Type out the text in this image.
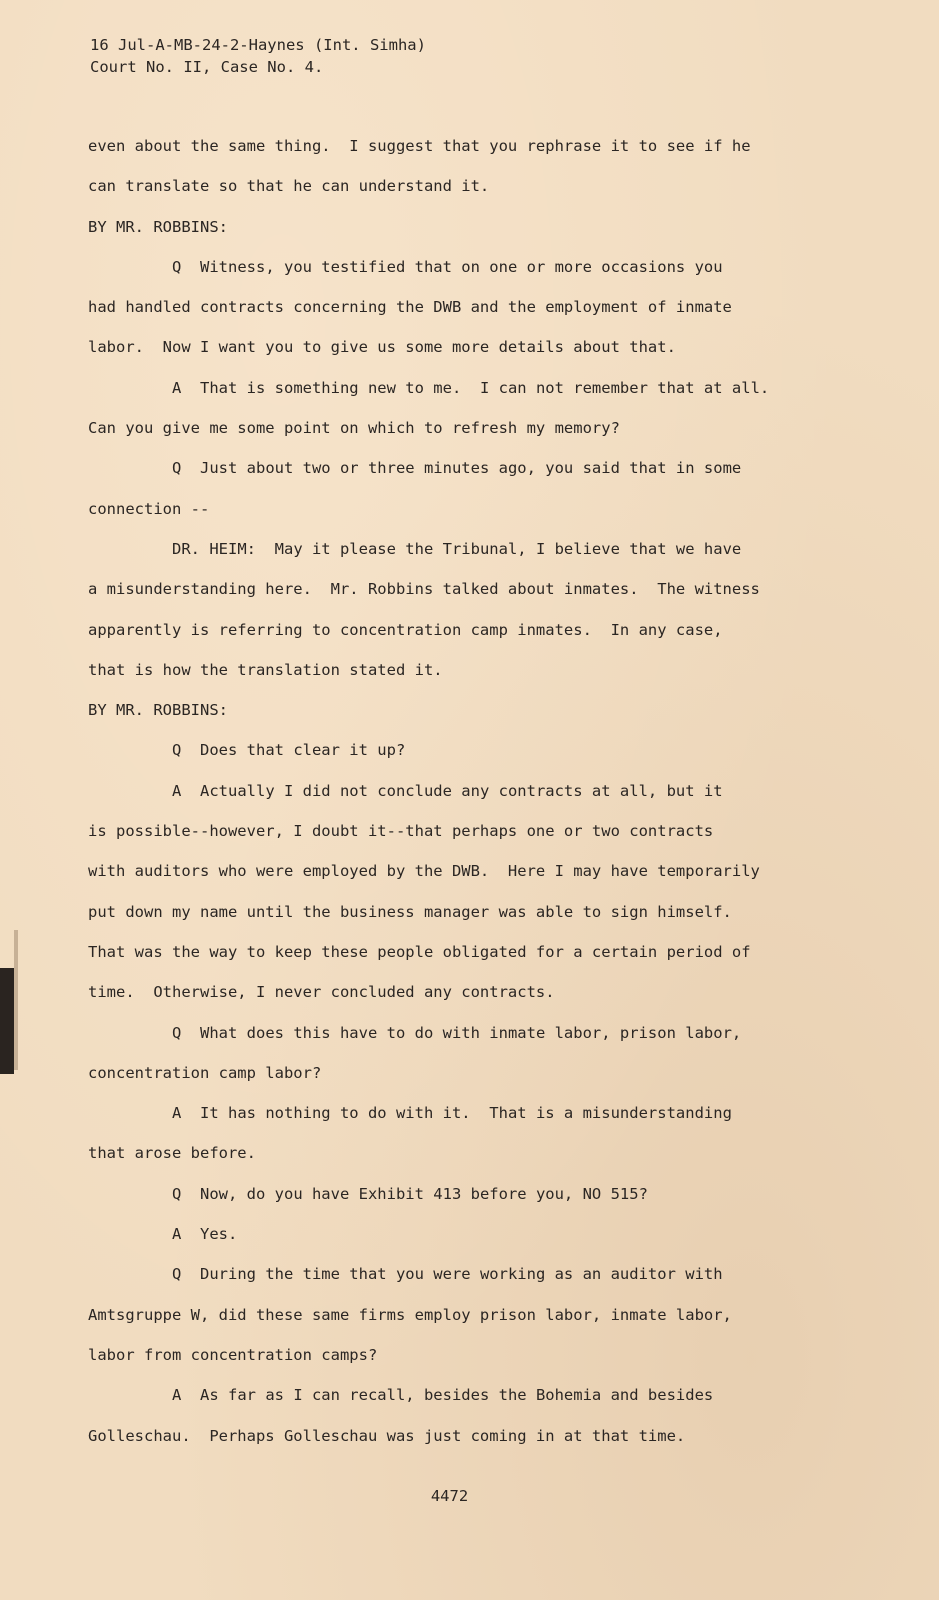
16 Jul-A-MB-24-2-Haynes (Int. Simha)
Court No. II, Case No. 4.
even about the same thing.  I suggest that you rephrase it to see if he
can translate so that he can understand it.
BY MR. ROBBINS:
Q  Witness, you testified that on one or more occasions you
had handled contracts concerning the DWB and the employment of inmate
labor.  Now I want you to give us some more details about that.
A  That is something new to me.  I can not remember that at all.
Can you give me some point on which to refresh my memory?
Q  Just about two or three minutes ago, you said that in some
connection --
DR. HEIM:  May it please the Tribunal, I believe that we have
a misunderstanding here.  Mr. Robbins talked about inmates.  The witness
apparently is referring to concentration camp inmates.  In any case,
that is how the translation stated it.
BY MR. ROBBINS:
Q  Does that clear it up?
A  Actually I did not conclude any contracts at all, but it
is possible--however, I doubt it--that perhaps one or two contracts
with auditors who were employed by the DWB.  Here I may have temporarily
put down my name until the business manager was able to sign himself.
That was the way to keep these people obligated for a certain period of
time.  Otherwise, I never concluded any contracts.
Q  What does this have to do with inmate labor, prison labor,
concentration camp labor?
A  It has nothing to do with it.  That is a misunderstanding
that arose before.
Q  Now, do you have Exhibit 413 before you, NO 515?
A  Yes.
Q  During the time that you were working as an auditor with
Amtsgruppe W, did these same firms employ prison labor, inmate labor,
labor from concentration camps?
A  As far as I can recall, besides the Bohemia and besides
Golleschau.  Perhaps Golleschau was just coming in at that time.
4472
